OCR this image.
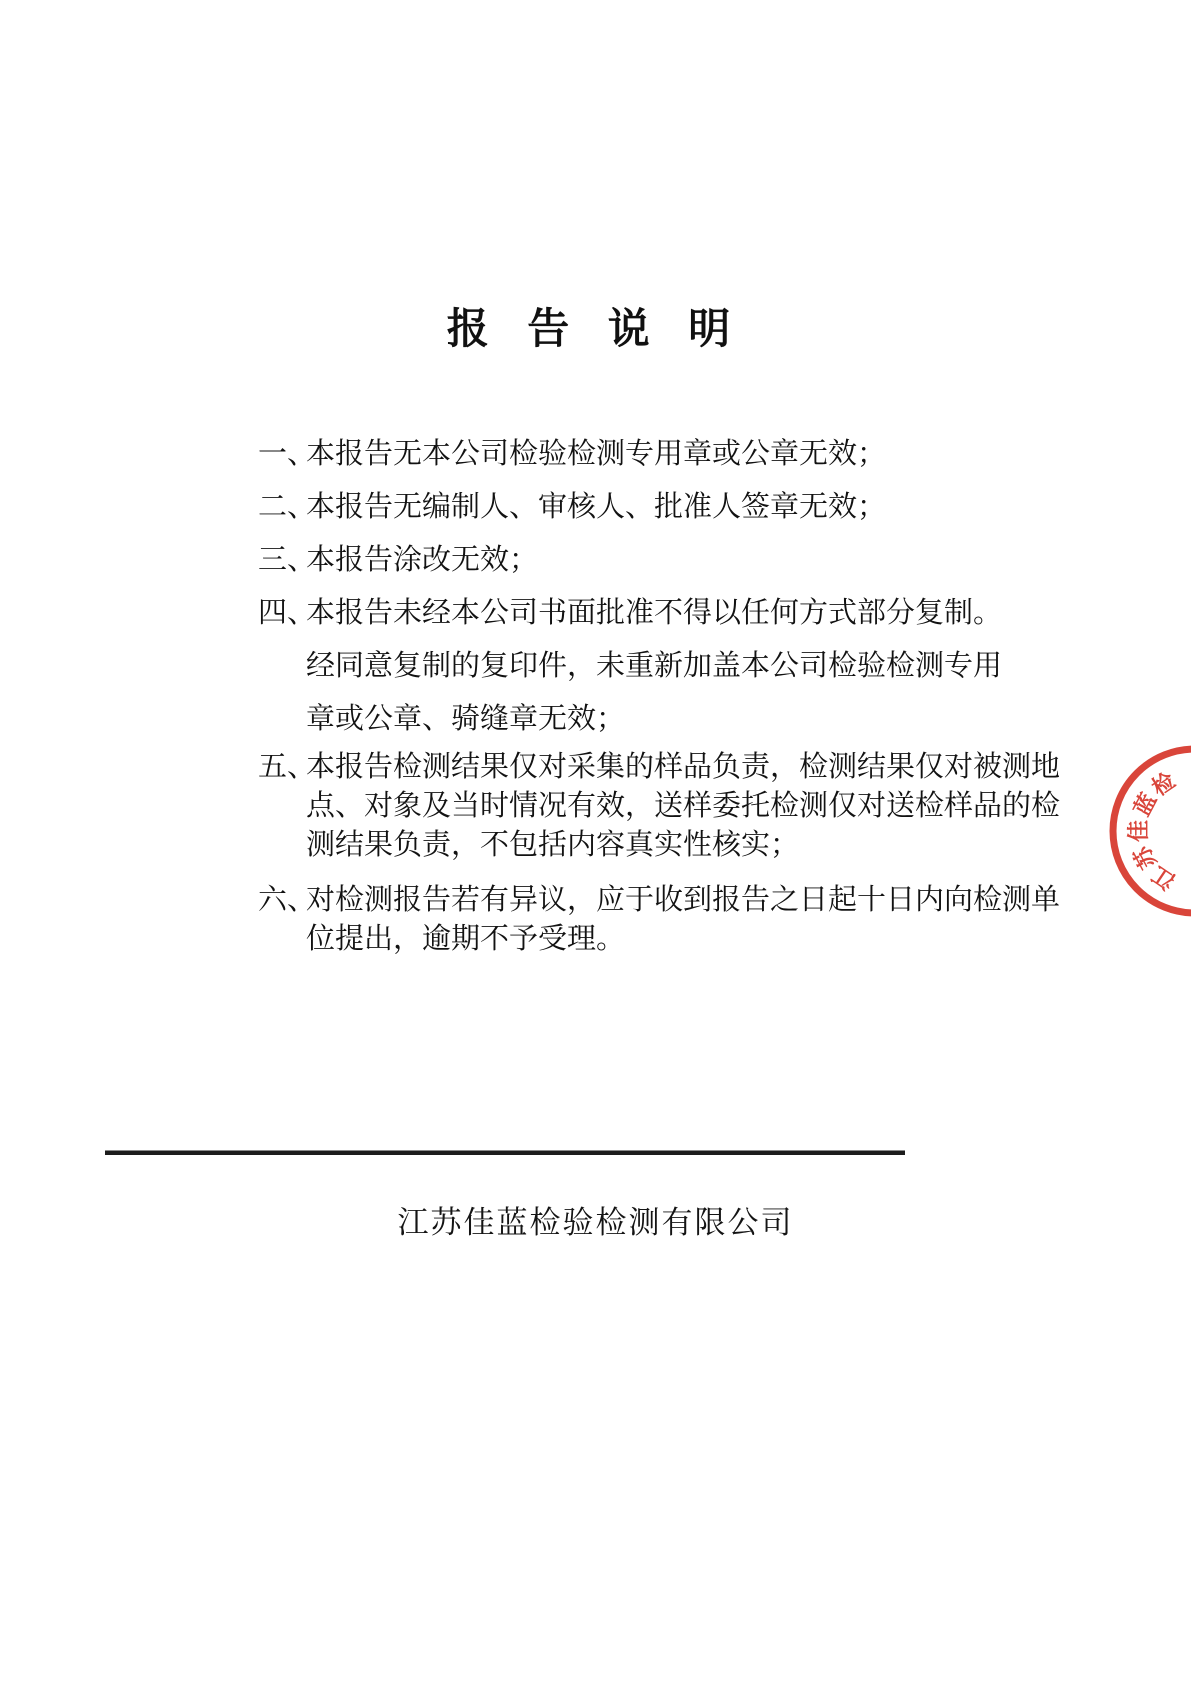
报 告 说 明
一、
本报告无本公司检验检测专用章或公章无效；
二、
本报告无编制人、审核人、批准人签章无效；
三、
本报告涂改无效；
四、
本报告未经本公司书面批准不得以任何方式部分复制。
经同意复制的复印件，未重新加盖本公司检验检测专用
章或公章、骑缝章无效；
五、
本报告检测结果仅对采集的样品负责，检测结果仅对被测地
点、对象及当时情况有效，送样委托检测仅对送检样品的检
测结果负责，不包括内容真实性核实；
六、
对检测报告若有异议，应于收到报告之日起十日内向检测单
位提出，逾期不予受理。
江苏佳蓝检验检测有限公司
江
苏
佳
蓝
检
